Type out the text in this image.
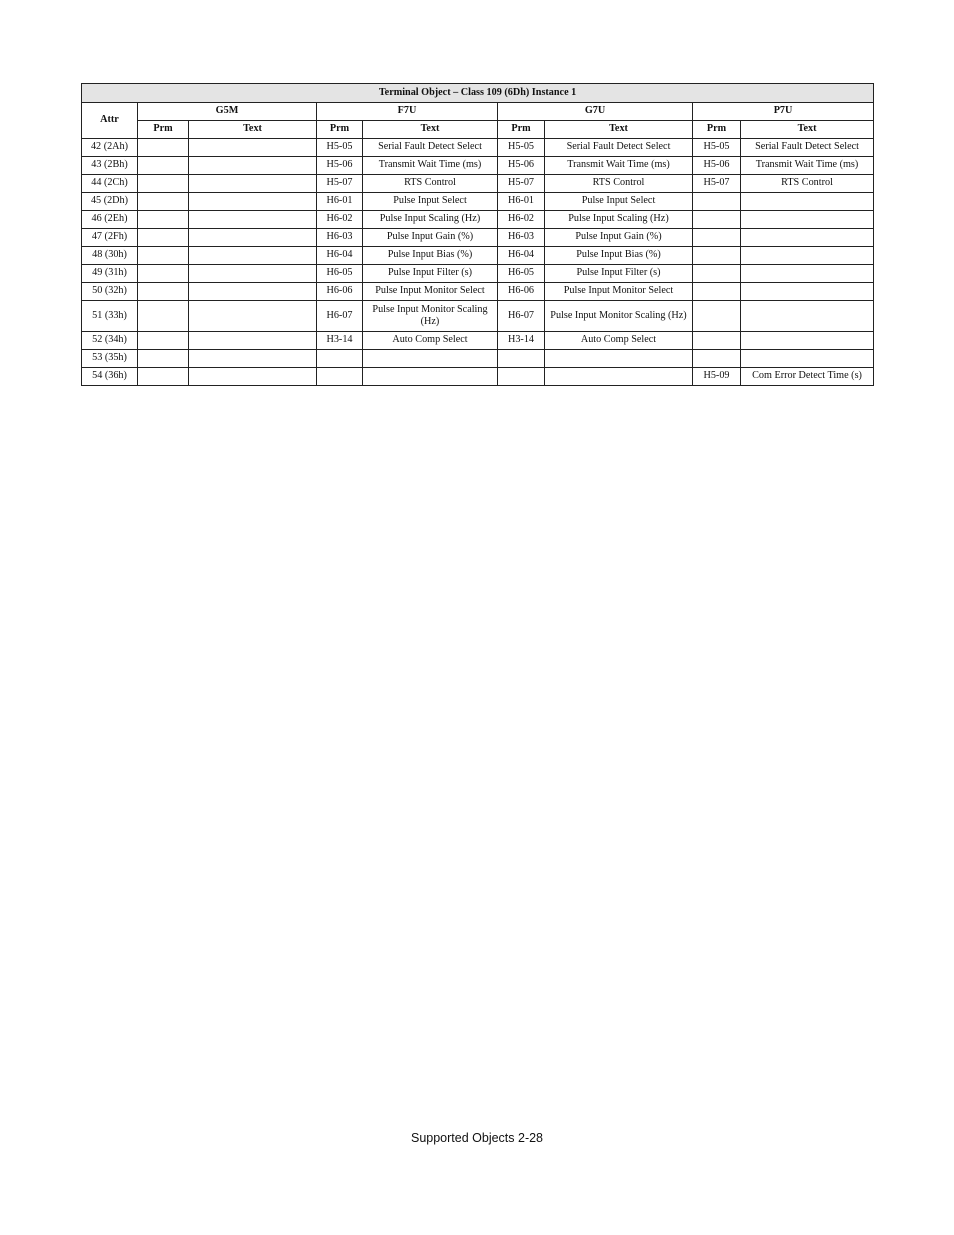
Terminal Object – Class 109 (6Dh) Instance 1								
Attr	G5M		F7U		G7U		P7U	
	Prm	Text	Prm	Text	Prm	Text	Prm	Text
42 (2Ah)			H5-05	Serial Fault Detect Select	H5-05	Serial Fault Detect Select	H5-05	Serial Fault Detect Select
43 (2Bh)			H5-06	Transmit Wait Time (ms)	H5-06	Transmit Wait Time (ms)	H5-06	Transmit Wait Time (ms)
44 (2Ch)			H5-07	RTS Control	H5-07	RTS Control	H5-07	RTS Control
45 (2Dh)			H6-01	Pulse Input Select	H6-01	Pulse Input Select		
46 (2Eh)			H6-02	Pulse Input Scaling (Hz)	H6-02	Pulse Input Scaling (Hz)		
47 (2Fh)			H6-03	Pulse Input Gain (%)	H6-03	Pulse Input Gain (%)		
48 (30h)			H6-04	Pulse Input Bias (%)	H6-04	Pulse Input Bias (%)		
49 (31h)			H6-05	Pulse Input Filter (s)	H6-05	Pulse Input Filter (s)		
50 (32h)			H6-06	Pulse Input Monitor Select	H6-06	Pulse Input Monitor Select		
51 (33h)			H6-07	Pulse Input Monitor Scaling (Hz)	H6-07	Pulse Input Monitor Scaling (Hz)		
52 (34h)			H3-14	Auto Comp Select	H3-14	Auto Comp Select		
53 (35h)								
54 (36h)							H5-09	Com Error Detect Time (s)
Supported Objects 2-28
